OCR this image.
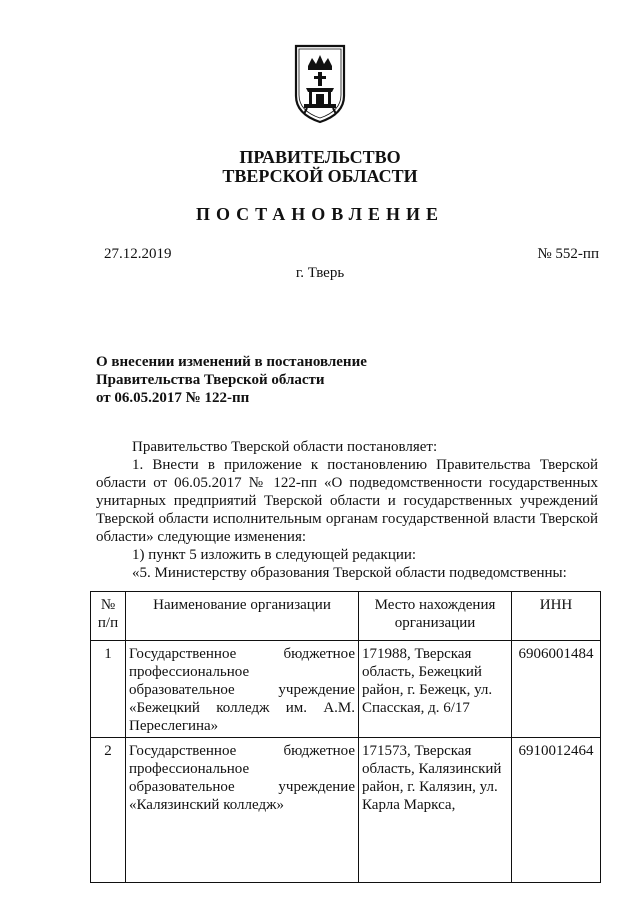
ПРАВИТЕЛЬСТВО
ТВЕРСКОЙ ОБЛАСТИ
ПОСТАНОВЛЕНИЕ
27.12.2019	№ 552-пп
г. Тверь
О внесении изменений в постановление
Правительства Тверской области
от 06.05.2017 № 122-пп
Правительство Тверской области постановляет:
1. Внести в приложение к постановлению Правительства Тверской области от 06.05.2017 № 122-пп «О подведомственности государственных унитарных предприятий Тверской области и государственных учреждений Тверской области исполнительным органам государственной власти Тверской области» следующие изменения:
1) пункт 5 изложить в следующей редакции:
«5. Министерству образования Тверской области подведомственны:
№ п/п	Наименование организации	Место нахождения организации	ИНН
1	Государственное бюджетное профессиональное образовательное учреждение «Бежецкий колледж им. А.М. Переслегина»	171988, Тверская область, Бежецкий район, г. Бежецк, ул. Спасская, д. 6/17	6906001484
2	Государственное бюджетное профессиональное образовательное учреждение «Калязинский колледж»	171573, Тверская область, Калязинский район, г. Калязин, ул. Карла Маркса,	6910012464
